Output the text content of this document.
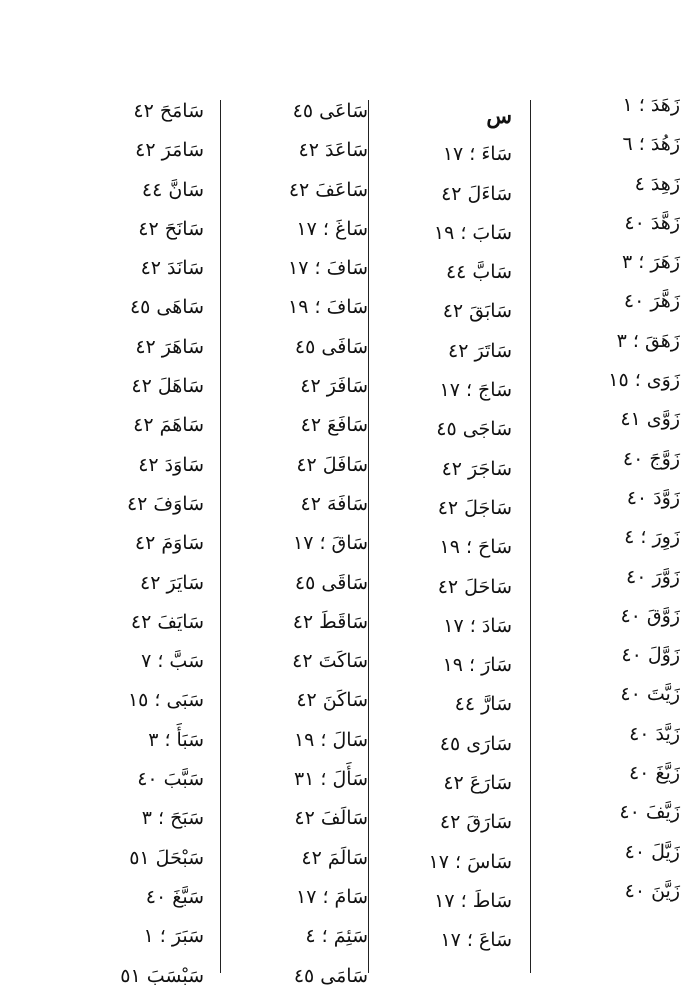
زَهَدَ ؛ ١
زَهُدَ ؛ ٦
زَهِدَ ٤
زَهَّدَ ٤٠
زَهَرَ ؛ ٣
زَهَّرَ ٤٠
زَهَقَ ؛ ٣
زَوَى ؛ ١٥
زَوَّى ٤١
زَوَّجَ ٤٠
زَوَّدَ ٤٠
زَوِرَ ؛ ٤
زَوَّرَ ٤٠
زَوَّقَ ٤٠
زَوَّلَ ٤٠
زَيَّتَ ٤٠
زَيَّدَ ٤٠
زَيَّغَ ٤٠
زَيَّفَ ٤٠
زَيَّلَ ٤٠
زَيَّنَ ٤٠
س
سَاءَ ؛ ١٧
سَاءَلَ ٤٢
سَابَ ؛ ١٩
سَابَّ ٤٤
سَابَقَ ٤٢
سَاتَرَ ٤٢
سَاجَ ؛ ١٧
سَاجَى ٤٥
سَاجَرَ ٤٢
سَاجَلَ ٤٢
سَاحَ ؛ ١٩
سَاحَلَ ٤٢
سَادَ ؛ ١٧
سَارَ ؛ ١٩
سَارَّ ٤٤
سَارَى ٤٥
سَارَعَ ٤٢
سَارَقَ ٤٢
سَاسَ ؛ ١٧
سَاطَ ؛ ١٧
سَاعَ ؛ ١٧
سَاعَى ٤٥
سَاعَدَ ٤٢
سَاعَفَ ٤٢
سَاغَ ؛ ١٧
سَافَ ؛ ١٧
سَافَ ؛ ١٩
سَافَى ٤٥
سَافَرَ ٤٢
سَافَعَ ٤٢
سَافَلَ ٤٢
سَافَهَ ٤٢
سَاقَ ؛ ١٧
سَاقَى ٤٥
سَاقَطَ ٤٢
سَاكَتَ ٤٢
سَاكَنَ ٤٢
سَالَ ؛ ١٩
سَأَلَ ؛ ٣١
سَالَفَ ٤٢
سَالَمَ ٤٢
سَامَ ؛ ١٧
سَئِمَ ؛ ٤
سَامَى ٤٥
سَامَحَ ٤٢
سَامَرَ ٤٢
سَانَّ ٤٤
سَانَحَ ٤٢
سَانَدَ ٤٢
سَاهَى ٤٥
سَاهَرَ ٤٢
سَاهَلَ ٤٢
سَاهَمَ ٤٢
سَاوَدَ ٤٢
سَاوَفَ ٤٢
سَاوَمَ ٤٢
سَايَرَ ٤٢
سَايَفَ ٤٢
سَبَّ ؛ ٧
سَبَى ؛ ١٥
سَبَأَ ؛ ٣
سَبَّبَ ٤٠
سَبَحَ ؛ ٣
سَبْحَلَ ٥١
سَبَّغَ ٤٠
سَبَرَ ؛ ١
سَبْسَبَ ٥١
